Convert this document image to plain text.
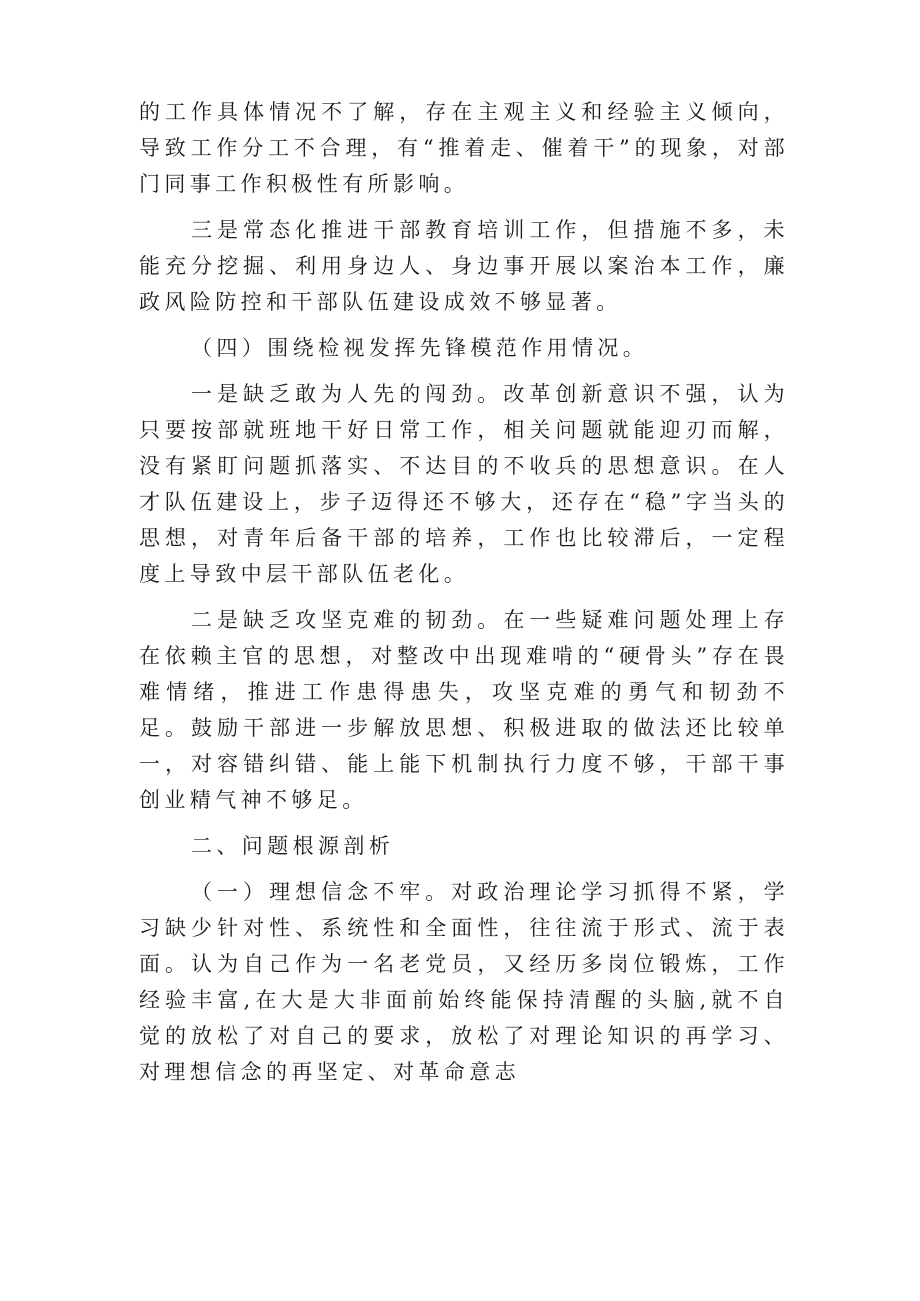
的工作具体情况不了解，存在主观主义和经验主义倾向，导致工作分工不合理，有“推着走、催着干”的现象，对部门同事工作积极性有所影响。

三是常态化推进干部教育培训工作，但措施不多，未能充分挖掘、利用身边人、身边事开展以案治本工作，廉政风险防控和干部队伍建设成效不够显著。

（四）围绕检视发挥先锋模范作用情况。

一是缺乏敢为人先的闯劲。改革创新意识不强，认为只要按部就班地干好日常工作，相关问题就能迎刃而解，没有紧盯问题抓落实、不达目的不收兵的思想意识。在人才队伍建设上，步子迈得还不够大，还存在“稳”字当头的思想，对青年后备干部的培养，工作也比较滞后，一定程度上导致中层干部队伍老化。

二是缺乏攻坚克难的韧劲。在一些疑难问题处理上存在依赖主官的思想，对整改中出现难啃的“硬骨头”存在畏难情绪，推进工作患得患失，攻坚克难的勇气和韧劲不足。鼓励干部进一步解放思想、积极进取的做法还比较单一，对容错纠错、能上能下机制执行力度不够，干部干事创业精气神不够足。

二、问题根源剖析

（一）理想信念不牢。对政治理论学习抓得不紧，学习缺少针对性、系统性和全面性，往往流于形式、流于表面。认为自己作为一名老党员，又经历多岗位锻炼，工作经验丰富,在大是大非面前始终能保持清醒的头脑,就不自觉的放松了对自己的要求，放松了对理论知识的再学习、对理想信念的再坚定、对革命意志
